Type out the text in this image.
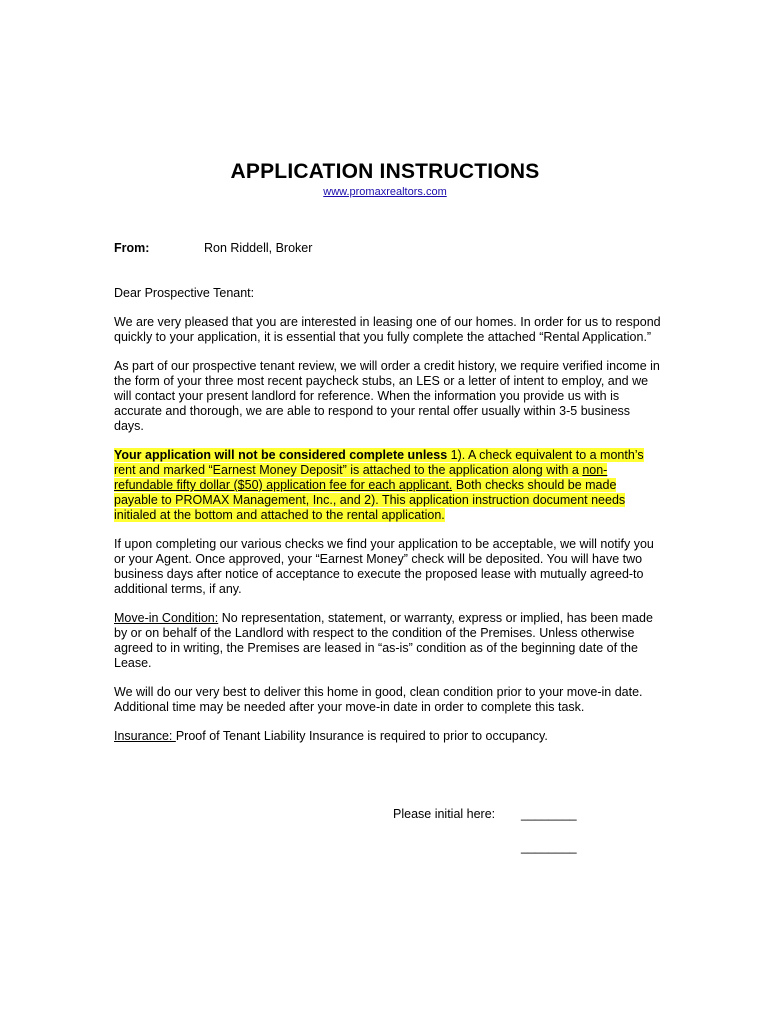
APPLICATION INSTRUCTIONS
www.promaxrealtors.com
From:	Ron Riddell, Broker

Dear Prospective Tenant:

We are very pleased that you are interested in leasing one of our homes. In order for us to respond quickly to your application, it is essential that you fully complete the attached “Rental Application.”

As part of our prospective tenant review, we will order a credit history, we require verified income in the form of your three most recent paycheck stubs, an LES or a letter of intent to employ, and we will contact your present landlord for reference. When the information you provide us with is accurate and thorough, we are able to respond to your rental offer usually within 3-5 business days.

Your application will not be considered complete unless 1). A check equivalent to a month’s rent and marked “Earnest Money Deposit” is attached to the application along with a non-refundable fifty dollar ($50) application fee for each applicant. Both checks should be made payable to PROMAX Management, Inc., and 2). This application instruction document needs initialed at the bottom and attached to the rental application.

If upon completing our various checks we find your application to be acceptable, we will notify you or your Agent. Once approved, your “Earnest Money” check will be deposited. You will have two business days after notice of acceptance to execute the proposed lease with mutually agreed-to additional terms, if any.

Move-in Condition: No representation, statement, or warranty, express or implied, has been made by or on behalf of the Landlord with respect to the condition of the Premises. Unless otherwise agreed to in writing, the Premises are leased in “as-is” condition as of the beginning date of the Lease.

We will do our very best to deliver this home in good, clean condition prior to your move-in date. Additional time may be needed after your move-in date in order to complete this task.

Insurance: Proof of Tenant Liability Insurance is required to prior to occupancy.

Please initial here: ________
________
